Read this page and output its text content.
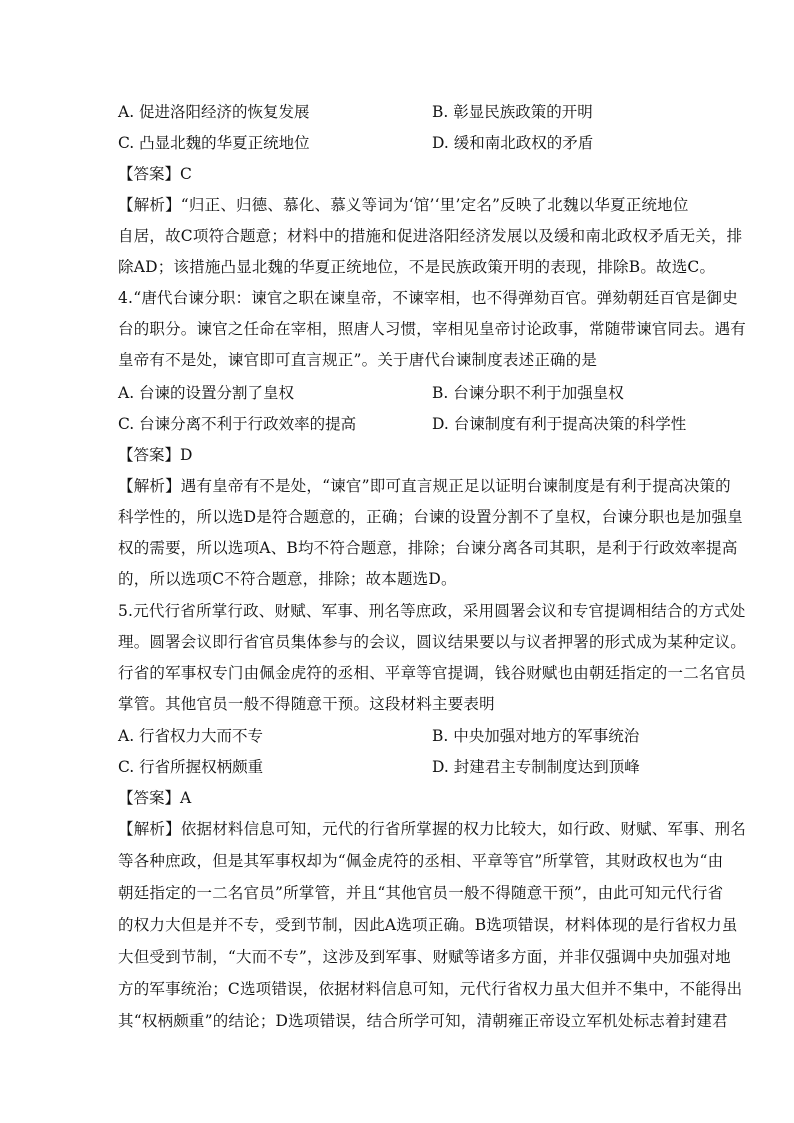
A. 促进洛阳经济的恢复发展	B. 彰显民族政策的开明
C. 凸显北魏的华夏正统地位	D. 缓和南北政权的矛盾
【答案】C
【解析】“归正、归德、慕化、慕义等词为‘馆’‘里’定名”反映了北魏以华夏正统地位
自居，故C项符合题意；材料中的措施和促进洛阳经济发展以及缓和南北政权矛盾无关，排
除AD；该措施凸显北魏的华夏正统地位，不是民族政策开明的表现，排除B。故选C。
4.“唐代台谏分职：谏官之职在谏皇帝，不谏宰相，也不得弹劾百官。弹劾朝廷百官是御史
台的职分。谏官之任命在宰相，照唐人习惯，宰相见皇帝讨论政事，常随带谏官同去。遇有
皇帝有不是处，谏官即可直言规正”。关于唐代台谏制度表述正确的是
A. 台谏的设置分割了皇权	B. 台谏分职不利于加强皇权
C. 台谏分离不利于行政效率的提高	D. 台谏制度有利于提高决策的科学性
【答案】D
【解析】遇有皇帝有不是处，“谏官”即可直言规正足以证明台谏制度是有利于提高决策的
科学性的，所以选D是符合题意的，正确；台谏的设置分割不了皇权，台谏分职也是加强皇
权的需要，所以选项A、B均不符合题意，排除；台谏分离各司其职，是利于行政效率提高
的，所以选项C不符合题意，排除；故本题选D。
5.元代行省所掌行政、财赋、军事、刑名等庶政，采用圆署会议和专官提调相结合的方式处
理。圆署会议即行省官员集体参与的会议，圆议结果要以与议者押署的形式成为某种定议。
行省的军事权专门由佩金虎符的丞相、平章等官提调，钱谷财赋也由朝廷指定的一二名官员
掌管。其他官员一般不得随意干预。这段材料主要表明
A. 行省权力大而不专	B. 中央加强对地方的军事统治
C. 行省所握权柄颇重	D. 封建君主专制制度达到顶峰
【答案】A
【解析】依据材料信息可知，元代的行省所掌握的权力比较大，如行政、财赋、军事、刑名
等各种庶政，但是其军事权却为“佩金虎符的丞相、平章等官”所掌管，其财政权也为“由
朝廷指定的一二名官员”所掌管，并且“其他官员一般不得随意干预”，由此可知元代行省
的权力大但是并不专，受到节制，因此A选项正确。B选项错误，材料体现的是行省权力虽
大但受到节制，“大而不专”，这涉及到军事、财赋等诸多方面，并非仅强调中央加强对地
方的军事统治；C选项错误，依据材料信息可知，元代行省权力虽大但并不集中，不能得出
其“权柄颇重”的结论；D选项错误，结合所学可知，清朝雍正帝设立军机处标志着封建君
